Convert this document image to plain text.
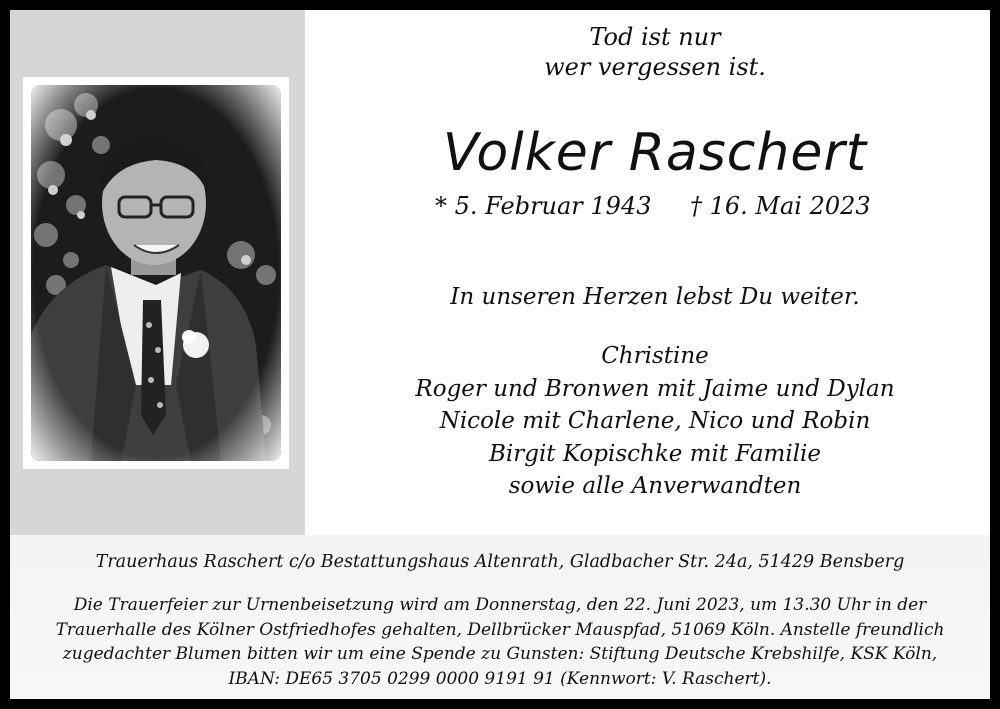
Tod ist nur
wer vergessen ist.
Volker Raschert
* 5. Februar 1943 † 16. Mai 2023
In unseren Herzen lebst Du weiter.
Christine
Roger und Bronwen mit Jaime und Dylan
Nicole mit Charlene, Nico und Robin
Birgit Kopischke mit Familie
sowie alle Anverwandten
Trauerhaus Raschert c/o Bestattungshaus Altenrath, Gladbacher Str. 24a, 51429 Bensberg
Die Trauerfeier zur Urnenbeisetzung wird am Donnerstag, den 22. Juni 2023, um 13.30 Uhr in der
Trauerhalle des Kölner Ostfriedhofes gehalten, Dellbrücker Mauspfad, 51069 Köln. Anstelle freundlich
zugedachter Blumen bitten wir um eine Spende zu Gunsten: Stiftung Deutsche Krebshilfe, KSK Köln,
IBAN: DE65 3705 0299 0000 9191 91 (Kennwort: V. Raschert).
